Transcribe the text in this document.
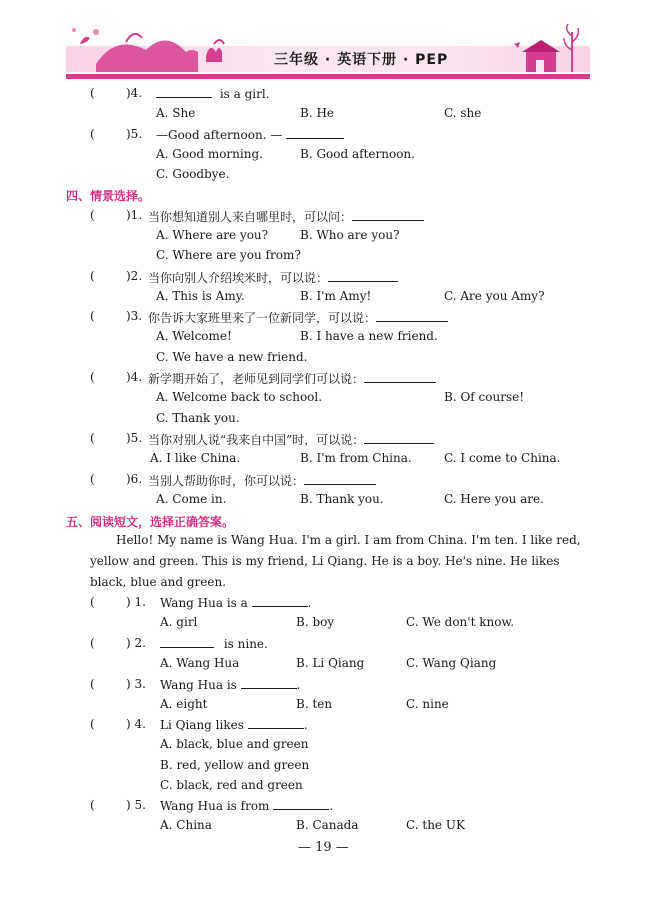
三年级 · 英语下册 · PEP
(	)4.	is a girl.
A. She	B. He	C. she
(	)5. —Good afternoon. —
A. Good morning.	B. Good afternoon.
C. Goodbye.
四、情景选择。
(	)1. 当你想知道别人来自哪里时，可以问：
A. Where are you?	B. Who are you?
C. Where are you from?
(	)2. 当你向别人介绍埃米时，可以说：
A. This is Amy.	B. I'm Amy!	C. Are you Amy?
(	)3. 你告诉大家班里来了一位新同学，可以说：
A. Welcome!	B. I have a new friend.
C. We have a new friend.
(	)4. 新学期开始了，老师见到同学们可以说：
A. Welcome back to school.	B. Of course!
C. Thank you.
(	)5. 当你对别人说“我来自中国”时，可以说：
A. I like China.	B. I'm from China.	C. I come to China.
(	)6. 当别人帮助你时，你可以说：
A. Come in.	B. Thank you.	C. Here you are.
五、阅读短文，选择正确答案。
Hello! My name is Wang Hua. I'm a girl. I am from China. I'm ten. I like red,
yellow and green. This is my friend, Li Qiang. He is a boy. He's nine. He likes
black, blue and green.
(	) 1. Wang Hua is a	.
A. girl	B. boy	C. We don't know.
(	) 2.	is nine.
A. Wang Hua	B. Li Qiang	C. Wang Qiang
(	) 3. Wang Hua is	.
A. eight	B. ten	C. nine
(	) 4. Li Qiang likes	.
A. black, blue and green
B. red, yellow and green
C. black, red and green
(	) 5. Wang Hua is from	.
A. China	B. Canada	C. the UK
— 19 —
